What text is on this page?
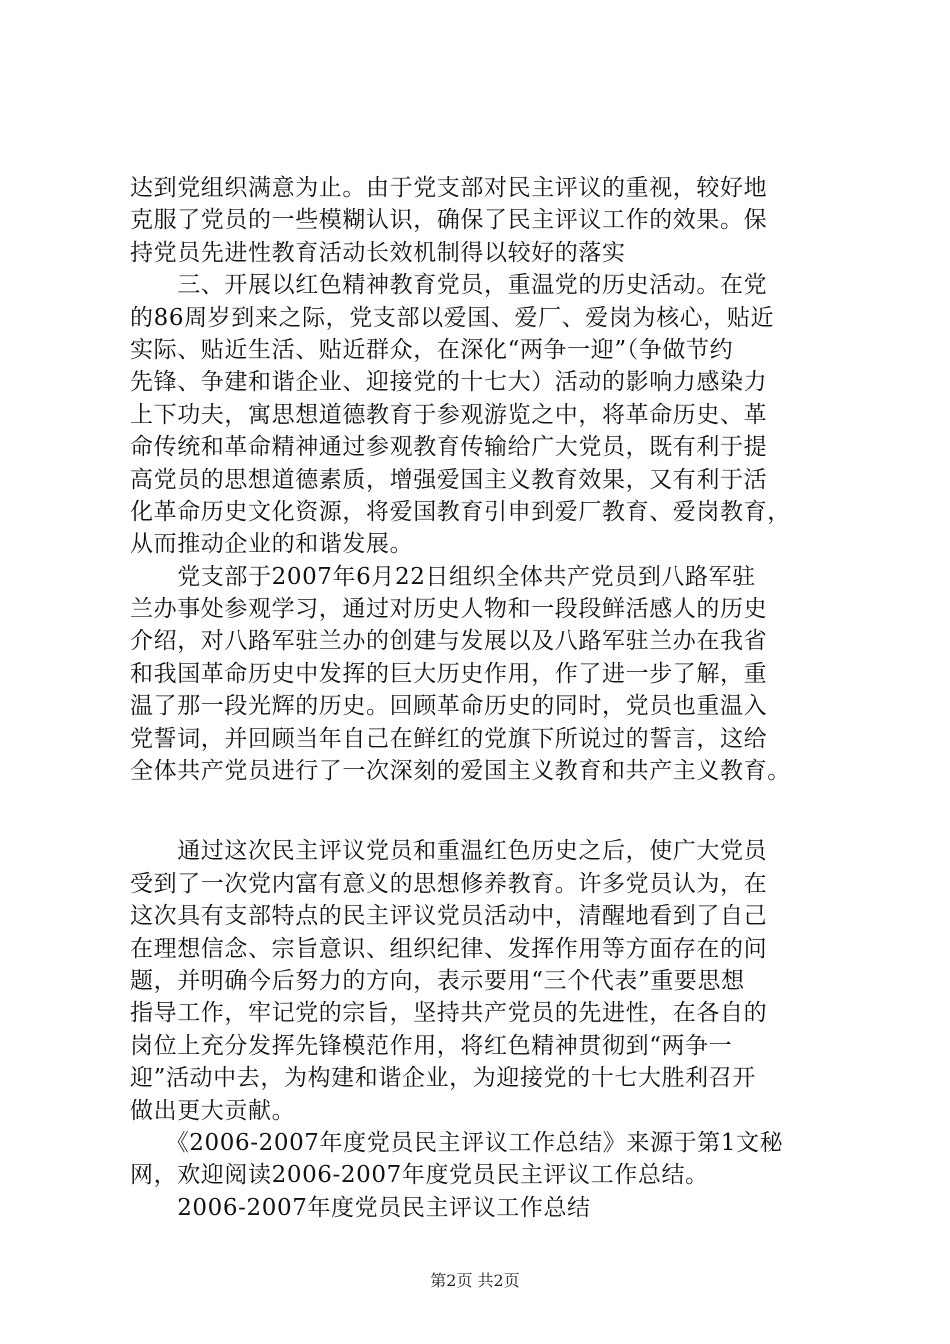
达到党组织满意为止。由于党支部对民主评议的重视，较好地
克服了党员的一些模糊认识，确保了民主评议工作的效果。保
持党员先进性教育活动长效机制得以较好的落实
　　三、开展以红色精神教育党员，重温党的历史活动。在党
的86周岁到来之际，党支部以爱国、爱厂、爱岗为核心，贴近
实际、贴近生活、贴近群众，在深化“两争一迎”（争做节约
先锋、争建和谐企业、迎接党的十七大）活动的影响力感染力
上下功夫，寓思想道德教育于参观游览之中，将革命历史、革
命传统和革命精神通过参观教育传输给广大党员，既有利于提
高党员的思想道德素质，增强爱国主义教育效果，又有利于活
化革命历史文化资源，将爱国教育引申到爱厂教育、爱岗教育，
从而推动企业的和谐发展。
　　党支部于2007年6月22日组织全体共产党员到八路军驻
兰办事处参观学习，通过对历史人物和一段段鲜活感人的历史
介绍，对八路军驻兰办的创建与发展以及八路军驻兰办在我省
和我国革命历史中发挥的巨大历史作用，作了进一步了解，重
温了那一段光辉的历史。回顾革命历史的同时，党员也重温入
党誓词，并回顾当年自己在鲜红的党旗下所说过的誓言，这给
全体共产党员进行了一次深刻的爱国主义教育和共产主义教育。
　　通过这次民主评议党员和重温红色历史之后，使广大党员
受到了一次党内富有意义的思想修养教育。许多党员认为，在
这次具有支部特点的民主评议党员活动中，清醒地看到了自己
在理想信念、宗旨意识、组织纪律、发挥作用等方面存在的问
题，并明确今后努力的方向，表示要用“三个代表”重要思想
指导工作，牢记党的宗旨，坚持共产党员的先进性，在各自的
岗位上充分发挥先锋模范作用，将红色精神贯彻到“两争一
迎”活动中去，为构建和谐企业，为迎接党的十七大胜利召开
做出更大贡献。
　　《2006-2007年度党员民主评议工作总结》来源于第1文秘
网，欢迎阅读2006-2007年度党员民主评议工作总结。
　　2006-2007年度党员民主评议工作总结
第2页 共2页
